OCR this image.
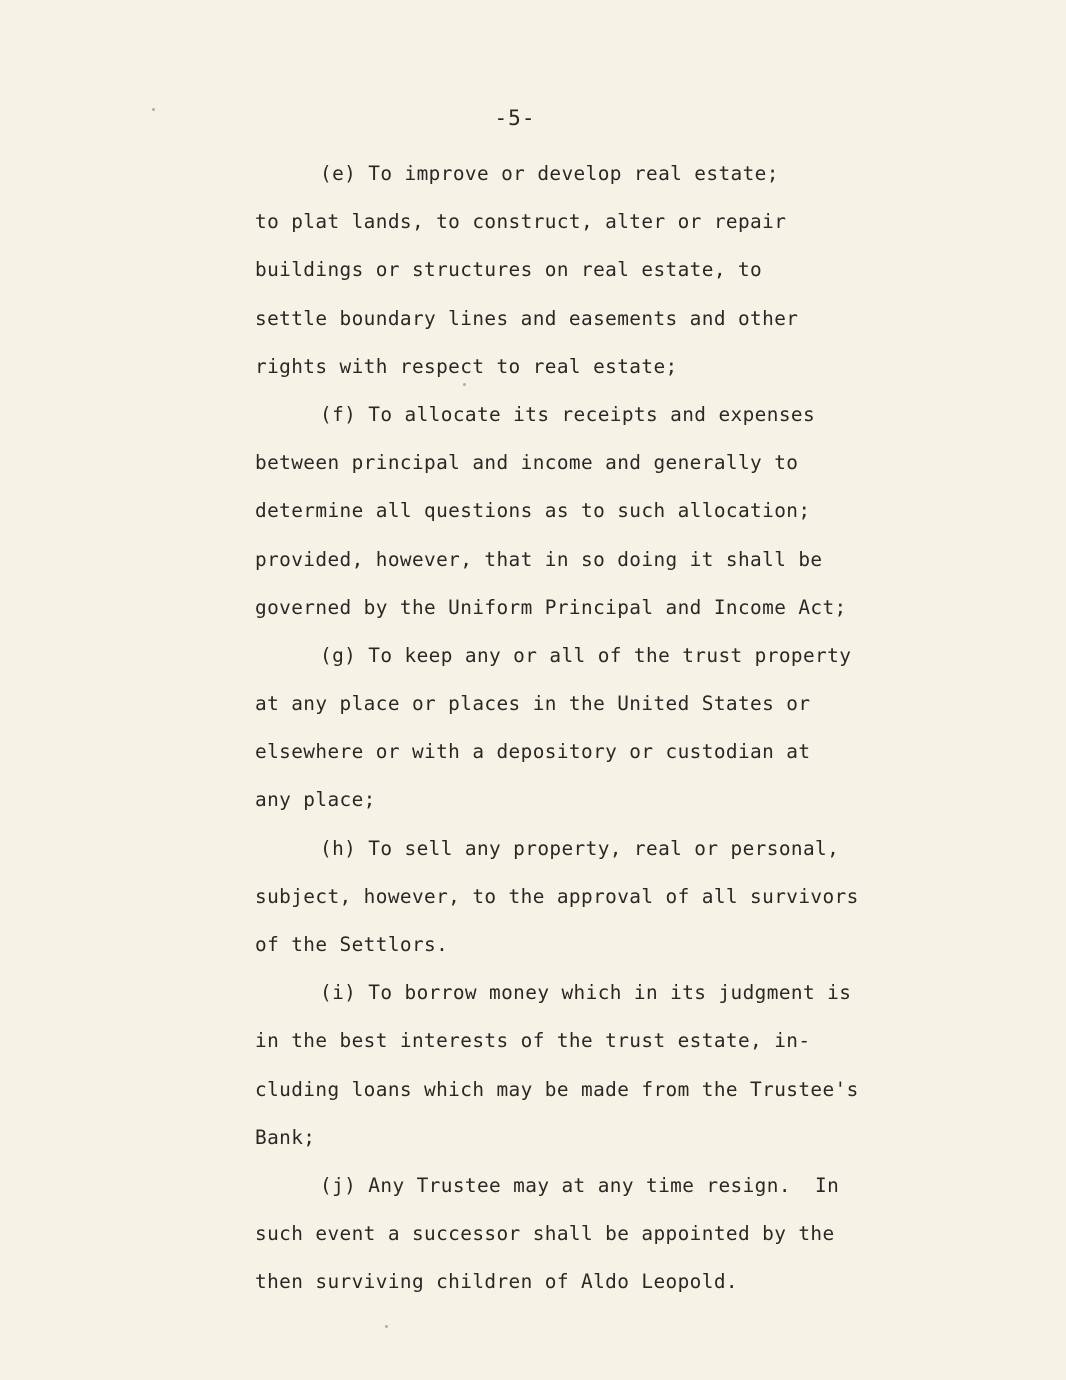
-5-
(e) To improve or develop real estate;
to plat lands, to construct, alter or repair
buildings or structures on real estate, to
settle boundary lines and easements and other
rights with respect to real estate;
(f) To allocate its receipts and expenses
between principal and income and generally to
determine all questions as to such allocation;
provided, however, that in so doing it shall be
governed by the Uniform Principal and Income Act;
(g) To keep any or all of the trust property
at any place or places in the United States or
elsewhere or with a depository or custodian at
any place;
(h) To sell any property, real or personal,
subject, however, to the approval of all survivors
of the Settlors.
(i) To borrow money which in its judgment is
in the best interests of the trust estate, in-
cluding loans which may be made from the Trustee's
Bank;
(j) Any Trustee may at any time resign.  In
such event a successor shall be appointed by the
then surviving children of Aldo Leopold.
